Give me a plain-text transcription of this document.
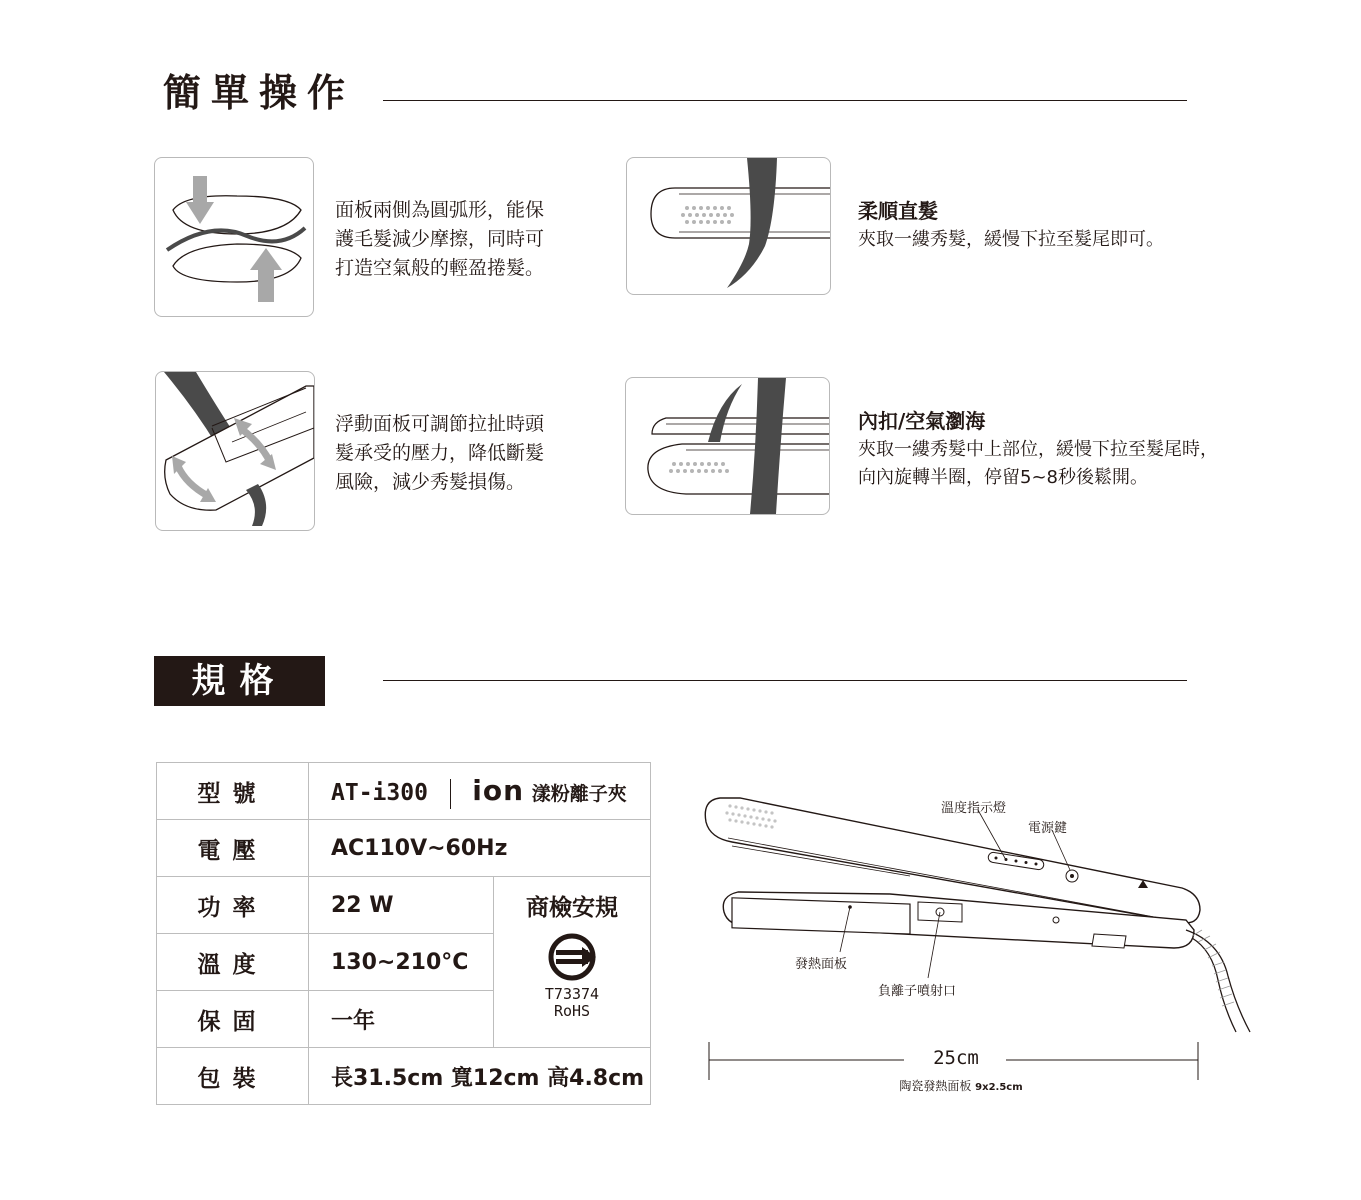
簡單操作
面板兩側為圓弧形，能保
護毛髮減少摩擦，同時可
打造空氣般的輕盈捲髮。
柔順直髮
夾取一縷秀髮，緩慢下拉至髮尾即可。
浮動面板可調節拉扯時頭
髮承受的壓力，降低斷髮
風險，減少秀髮損傷。
內扣/空氣瀏海
夾取一縷秀髮中上部位，緩慢下拉至髮尾時，
向內旋轉半圈，停留5~8秒後鬆開。
規格
型號	AT-i300 ion 漾粉離子夾	
電壓	AC110V~60Hz	
功率	22 W	商檢安規
T73374
RoHS

溫度	130~210°C	
保固	一年	
包裝	長31.5cm 寬12cm 高4.8cm	
溫度指示燈
電源鍵
發熱面板
負離子噴射口
25cm
陶瓷發熱面板 9x2.5cm
